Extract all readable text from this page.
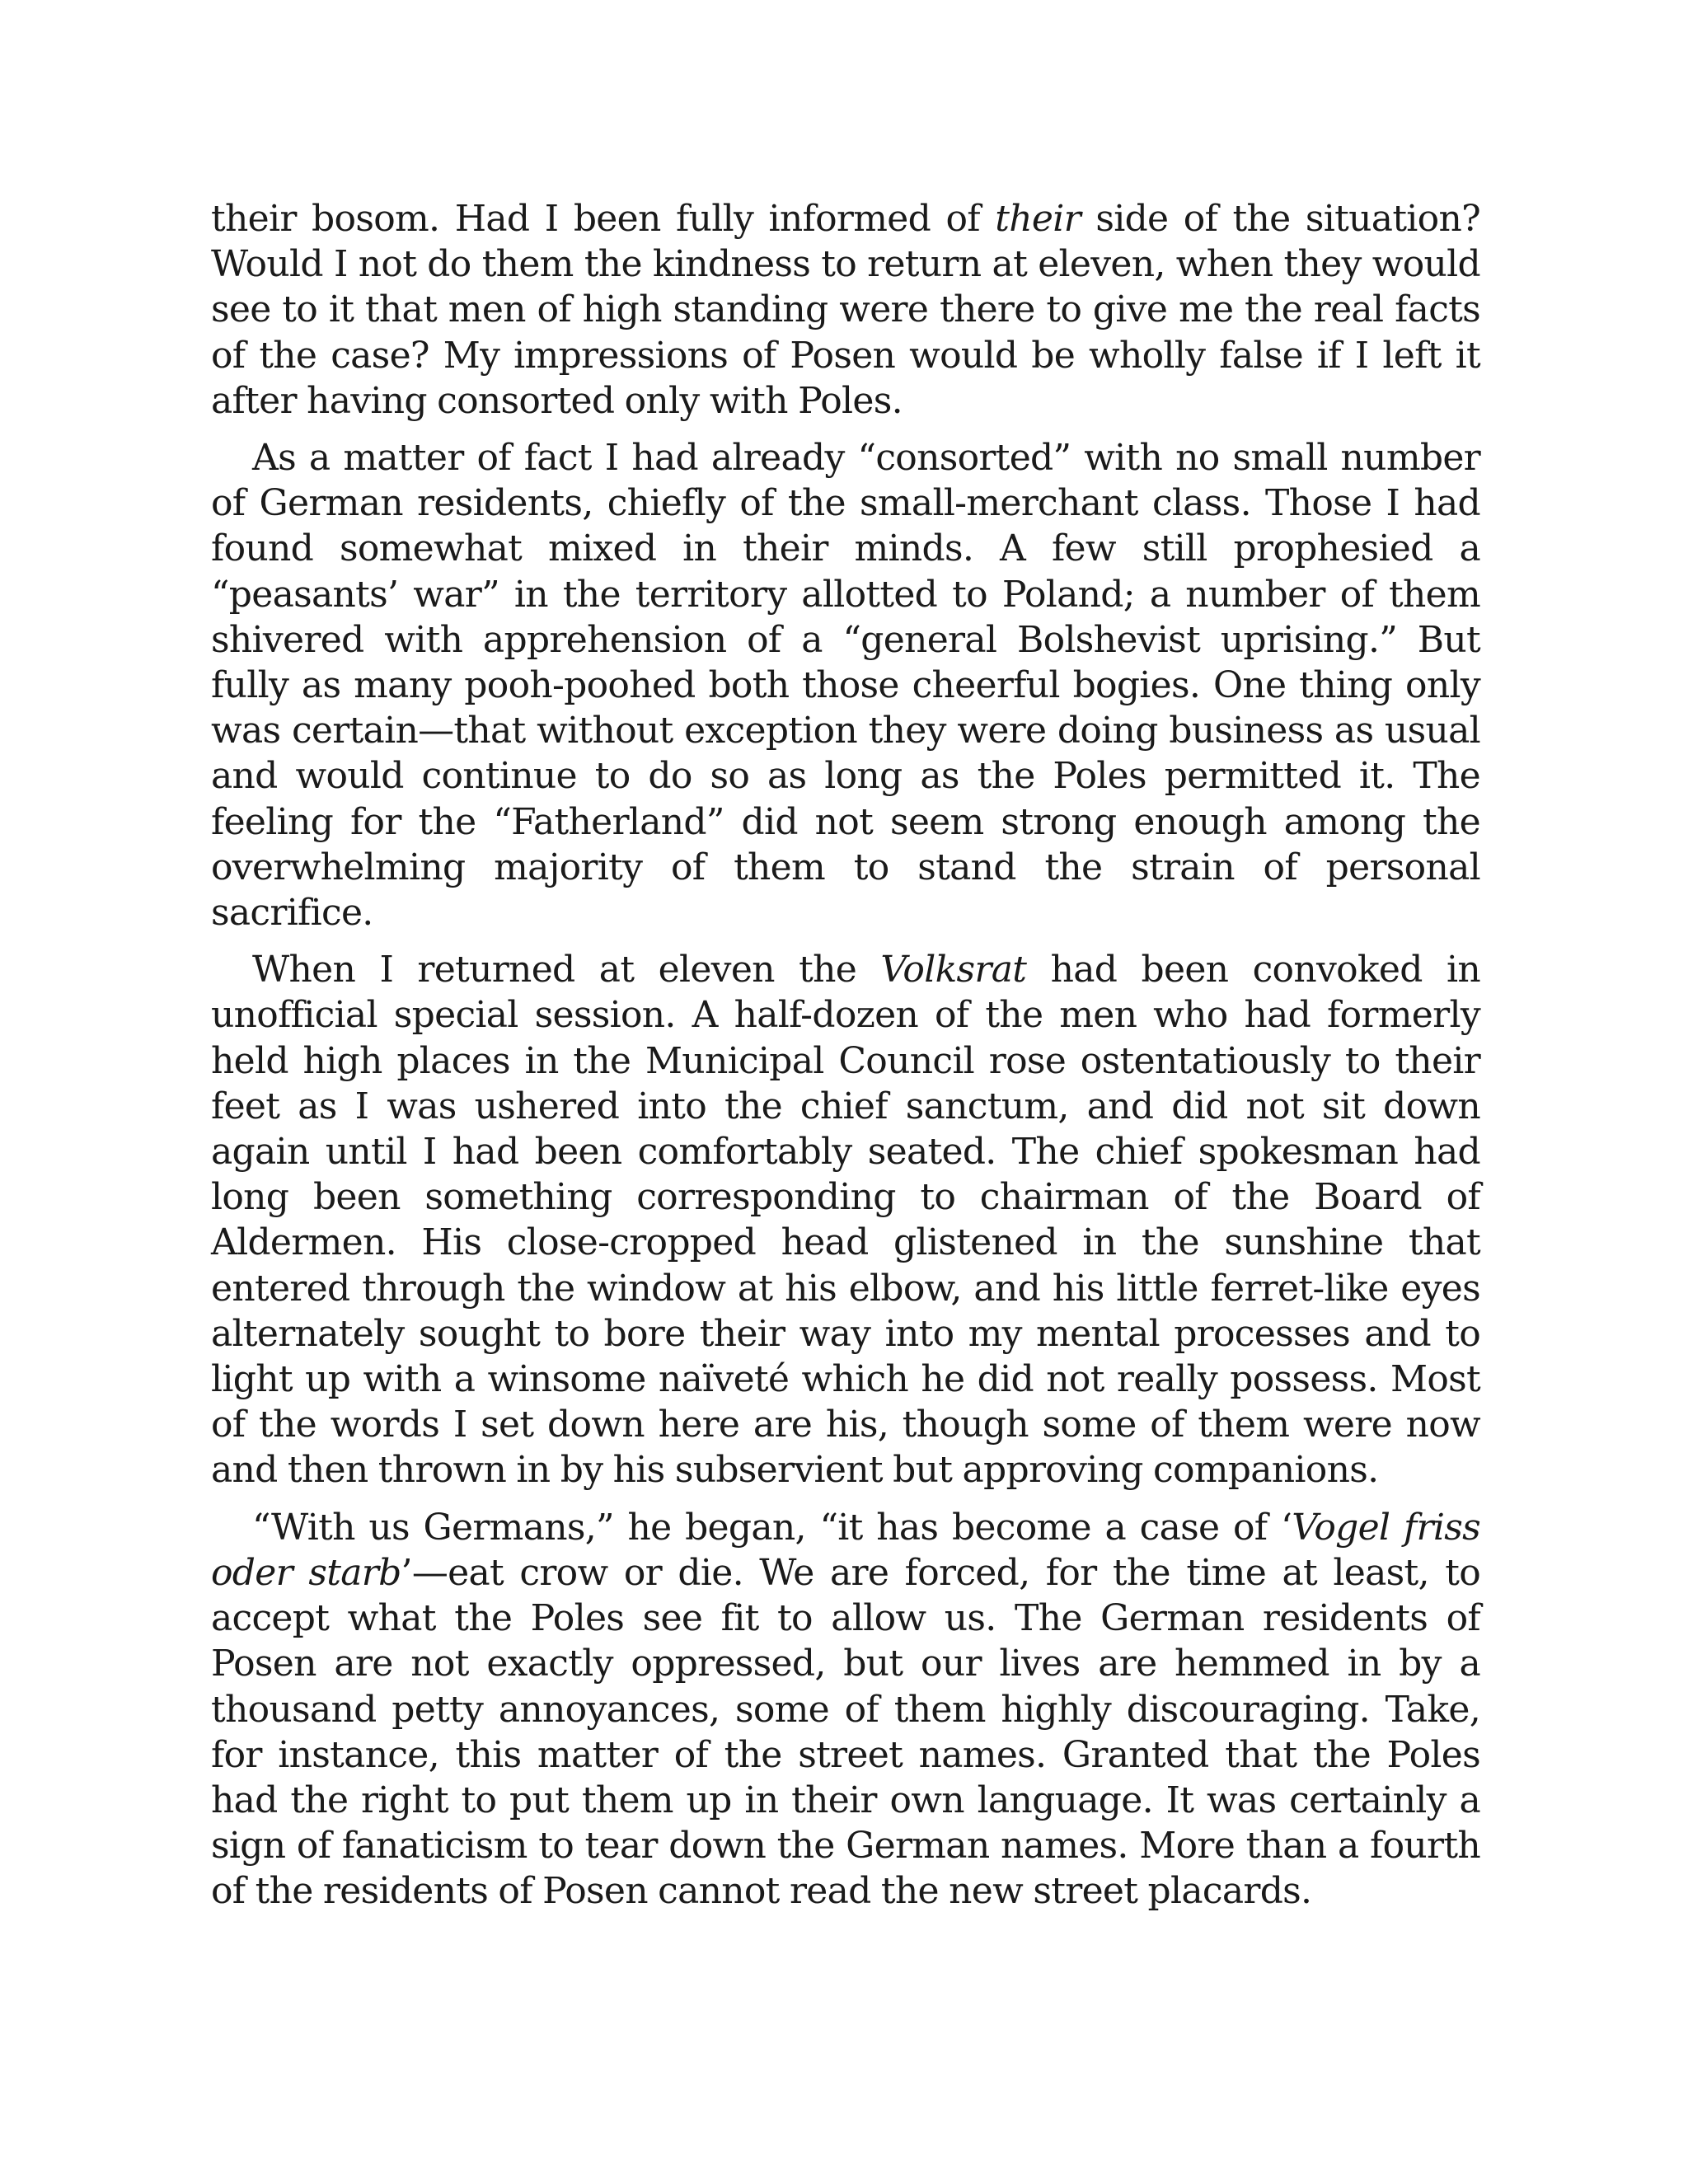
their bosom. Had I been fully informed of their side of the situation? Would I not do them the kindness to return at eleven, when they would see to it that men of high standing were there to give me the real facts of the case? My impressions of Posen would be wholly false if I left it after having consorted only with Poles.

As a matter of fact I had already “consorted” with no small number of German residents, chiefly of the small-merchant class. Those I had found somewhat mixed in their minds. A few still prophesied a “peasants’ war” in the territory allotted to Poland; a number of them shivered with apprehension of a “general Bolshevist uprising.” But fully as many pooh-poohed both those cheerful bogies. One thing only was certain—that without exception they were doing business as usual and would continue to do so as long as the Poles permitted it. The feeling for the “Fatherland” did not seem strong enough among the overwhelming majority of them to stand the strain of personal sacrifice.

When I returned at eleven the Volksrat had been convoked in unofficial special session. A half-dozen of the men who had formerly held high places in the Municipal Council rose ostentatiously to their feet as I was ushered into the chief sanctum, and did not sit down again until I had been comfortably seated. The chief spokesman had long been something corresponding to chairman of the Board of Aldermen. His close-cropped head glistened in the sunshine that entered through the window at his elbow, and his little ferret-like eyes alternately sought to bore their way into my mental processes and to light up with a winsome naïveté which he did not really possess. Most of the words I set down here are his, though some of them were now and then thrown in by his subservient but approving companions.

“With us Germans,” he began, “it has become a case of ‘Vogel friss oder starb’—eat crow or die. We are forced, for the time at least, to accept what the Poles see fit to allow us. The German residents of Posen are not exactly oppressed, but our lives are hemmed in by a thousand petty annoyances, some of them highly discouraging. Take, for instance, this matter of the street names. Granted that the Poles had the right to put them up in their own language. It was certainly a sign of fanaticism to tear down the German names. More than a fourth of the residents of Posen cannot read the new street placards.
